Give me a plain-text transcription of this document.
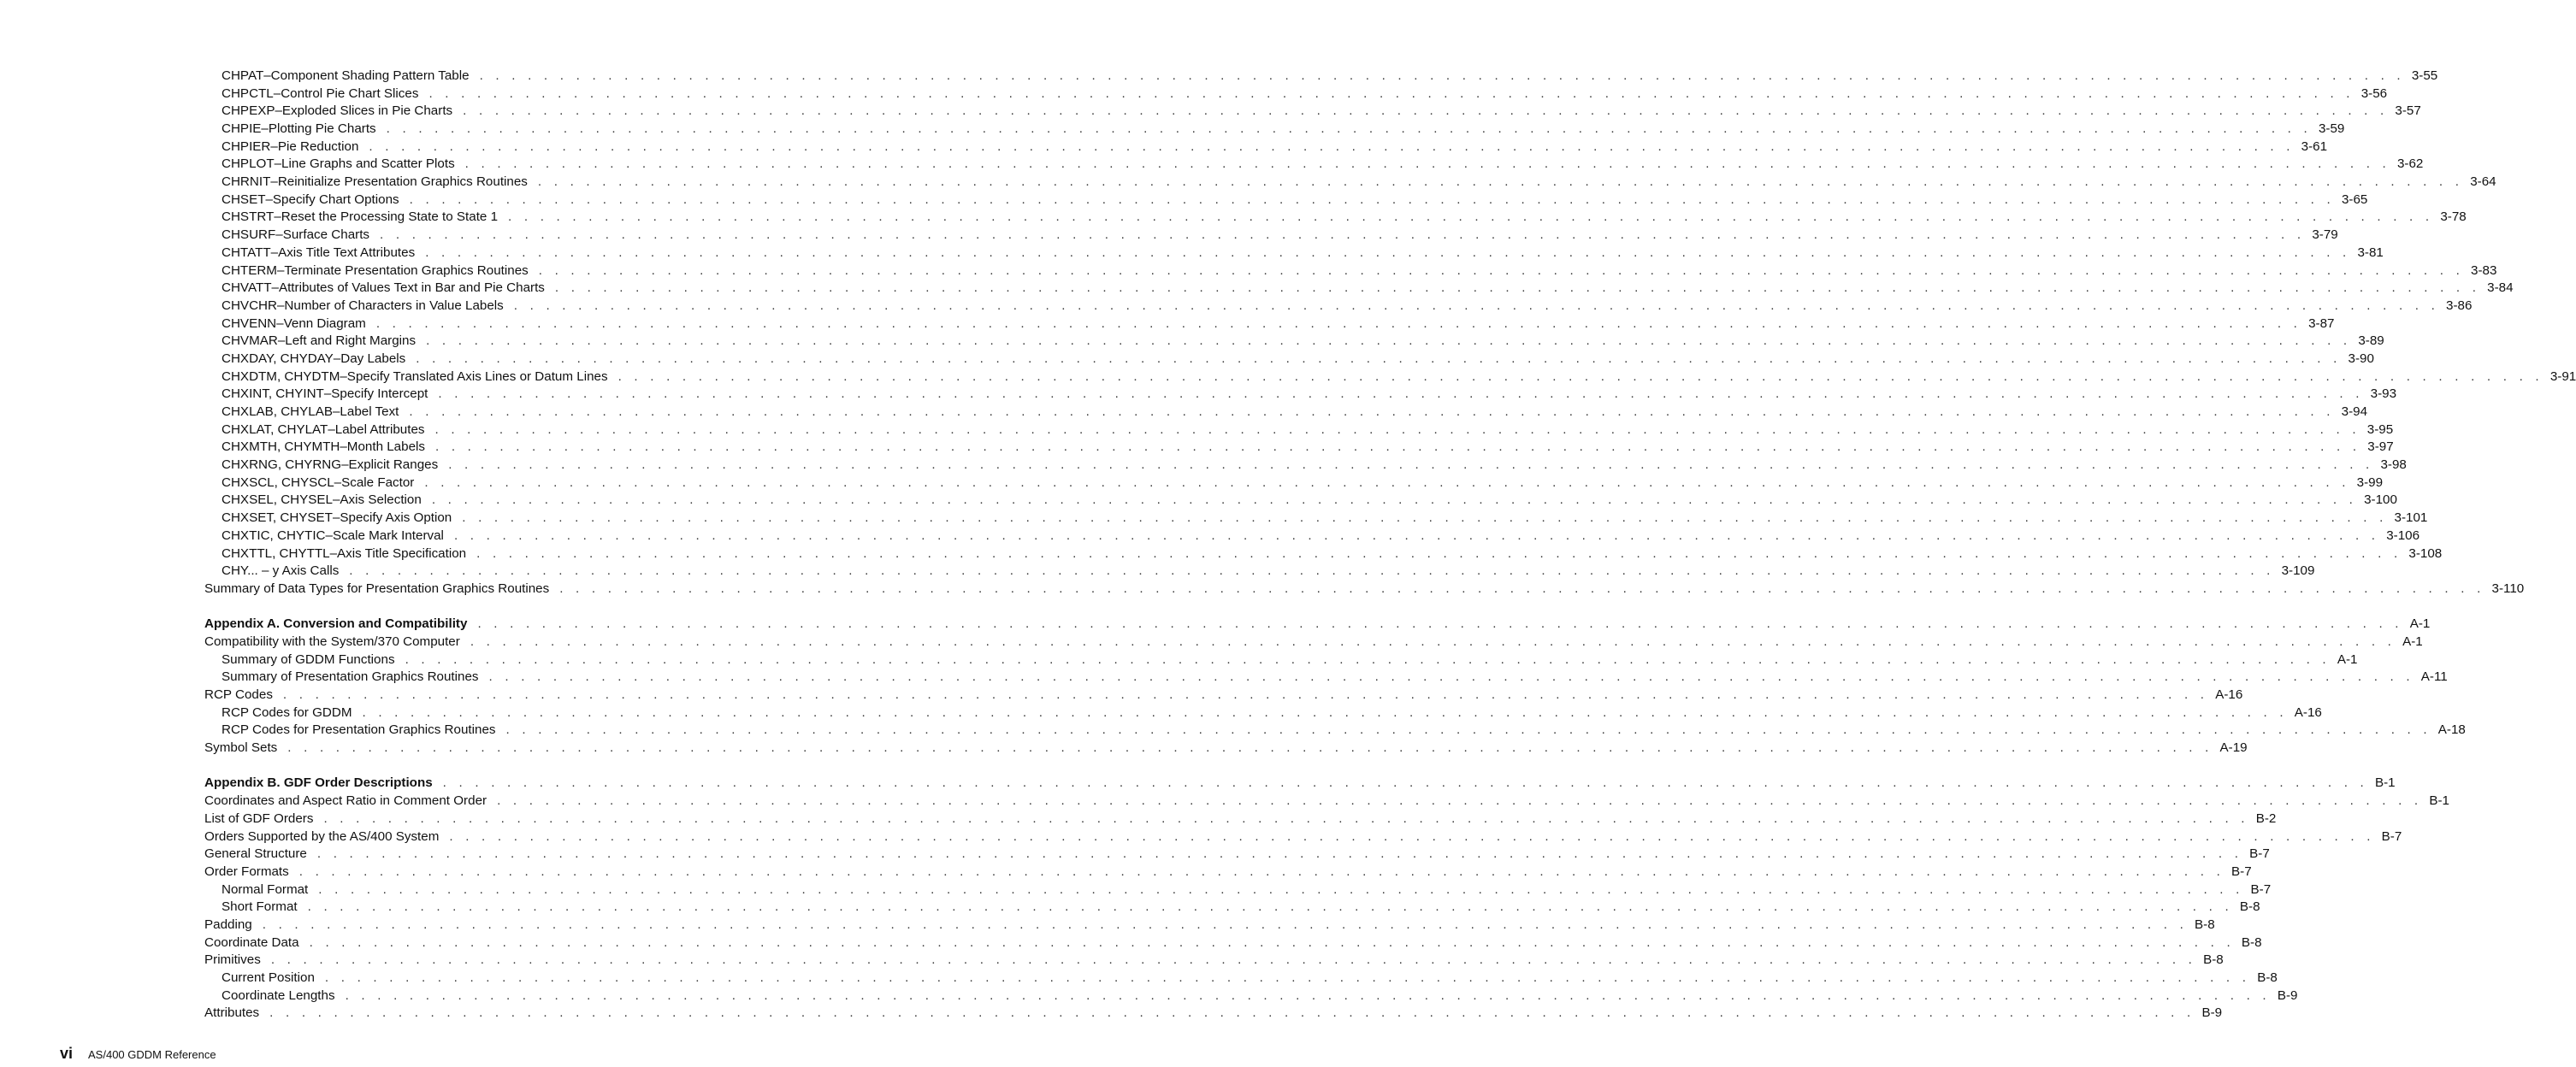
CHPAT–Component Shading Pattern Table . . . . . . . . . . . . . . . . . . . . . . . . . . . . . . . . . . . . . . . . . . . . . . . . . . . . . . . . . . . . . . . . . . . . . . . . . . . . . . . . . . . . . . . . . . . . . . . . . . . . . . . . . . . . . . . . . . . . . . . . 3-55
CHPCTL–Control Pie Chart Slices . . . . . . . . . . . . . . . . . . . . . . . . . . . . . . . . . . . . . . . . . . . . . . . . . . . . . . . . . . . . . . . . . . . . . . . . . . . . . . . . . . . . . . . . . . . . . . . . . . . . . . . . . . . . . . . . . . . . . . . . 3-56
CHPEXP–Exploded Slices in Pie Charts . . . . . . . . . . . . . . . . . . . . . . . . . . . . . . . . . . . . . . . . . . . . . . . . . . . . . . . . . . . . . . . . . . . . . . . . . . . . . . . . . . . . . . . . . . . . . . . . . . . . . . . . . . . . . . . . . . . . . . . . 3-57
CHPIE–Plotting Pie Charts . . . . . . . . . . . . . . . . . . . . . . . . . . . . . . . . . . . . . . . . . . . . . . . . . . . . . . . . . . . . . . . . . . . . . . . . . . . . . . . . . . . . . . . . . . . . . . . . . . . . . . . . . . . . . . . . . . . . . . . . 3-59
CHPIER–Pie Reduction . . . . . . . . . . . . . . . . . . . . . . . . . . . . . . . . . . . . . . . . . . . . . . . . . . . . . . . . . . . . . . . . . . . . . . . . . . . . . . . . . . . . . . . . . . . . . . . . . . . . . . . . . . . . . . . . . . . . . . . . 3-61
CHPLOT–Line Graphs and Scatter Plots . . . . . . . . . . . . . . . . . . . . . . . . . . . . . . . . . . . . . . . . . . . . . . . . . . . . . . . . . . . . . . . . . . . . . . . . . . . . . . . . . . . . . . . . . . . . . . . . . . . . . . . . . . . . . . . . . . . . . . . . 3-62
CHRNIT–Reinitialize Presentation Graphics Routines . . . . . . . . . . . . . . . . . . . . . . . . . . . . . . . . . . . . . . . . . . . . . . . . . . . . . . . . . . . . . . . . . . . . . . . . . . . . . . . . . . . . . . . . . . . . . . . . . . . . . . . . . . . . . . . . . . . . . . . . 3-64
CHSET–Specify Chart Options . . . . . . . . . . . . . . . . . . . . . . . . . . . . . . . . . . . . . . . . . . . . . . . . . . . . . . . . . . . . . . . . . . . . . . . . . . . . . . . . . . . . . . . . . . . . . . . . . . . . . . . . . . . . . . . . . . . . . . . . 3-65
CHSTRT–Reset the Processing State to State 1 . . . . . . . . . . . . . . . . . . . . . . . . . . . . . . . . . . . . . . . . . . . . . . . . . . . . . . . . . . . . . . . . . . . . . . . . . . . . . . . . . . . . . . . . . . . . . . . . . . . . . . . . . . . . . . . . . . . . . . . . 3-78
CHSURF–Surface Charts . . . . . . . . . . . . . . . . . . . . . . . . . . . . . . . . . . . . . . . . . . . . . . . . . . . . . . . . . . . . . . . . . . . . . . . . . . . . . . . . . . . . . . . . . . . . . . . . . . . . . . . . . . . . . . . . . . . . . . . . 3-79
CHTATT–Axis Title Text Attributes . . . . . . . . . . . . . . . . . . . . . . . . . . . . . . . . . . . . . . . . . . . . . . . . . . . . . . . . . . . . . . . . . . . . . . . . . . . . . . . . . . . . . . . . . . . . . . . . . . . . . . . . . . . . . . . . . . . . . . . . 3-81
CHTERM–Terminate Presentation Graphics Routines . . . . . . . . . . . . . . . . . . . . . . . . . . . . . . . . . . . . . . . . . . . . . . . . . . . . . . . . . . . . . . . . . . . . . . . . . . . . . . . . . . . . . . . . . . . . . . . . . . . . . . . . . . . . . . . . . . . . . . . . 3-83
CHVATT–Attributes of Values Text in Bar and Pie Charts . . . . . . . . . . . . . . . . . . . . . . . . . . . . . . . . . . . . . . . . . . . . . . . . . . . . . . . . . . . . . . . . . . . . . . . . . . . . . . . . . . . . . . . . . . . . . . . . . . . . . . . . . . . . . . . . . . . . . . . . 3-84
CHVCHR–Number of Characters in Value Labels . . . . . . . . . . . . . . . . . . . . . . . . . . . . . . . . . . . . . . . . . . . . . . . . . . . . . . . . . . . . . . . . . . . . . . . . . . . . . . . . . . . . . . . . . . . . . . . . . . . . . . . . . . . . . . . . . . . . . . . . 3-86
CHVENN–Venn Diagram . . . . . . . . . . . . . . . . . . . . . . . . . . . . . . . . . . . . . . . . . . . . . . . . . . . . . . . . . . . . . . . . . . . . . . . . . . . . . . . . . . . . . . . . . . . . . . . . . . . . . . . . . . . . . . . . . . . . . . . . 3-87
CHVMAR–Left and Right Margins . . . . . . . . . . . . . . . . . . . . . . . . . . . . . . . . . . . . . . . . . . . . . . . . . . . . . . . . . . . . . . . . . . . . . . . . . . . . . . . . . . . . . . . . . . . . . . . . . . . . . . . . . . . . . . . . . . . . . . . . 3-89
CHXDAY, CHYDAY–Day Labels . . . . . . . . . . . . . . . . . . . . . . . . . . . . . . . . . . . . . . . . . . . . . . . . . . . . . . . . . . . . . . . . . . . . . . . . . . . . . . . . . . . . . . . . . . . . . . . . . . . . . . . . . . . . . . . . . . . . . . . . 3-90
CHXDTM, CHYDTM–Specify Translated Axis Lines or Datum Lines . . . . . . . . . . . . . . . . . . . . . . . . . . . . . . . . . . . . . . . . . . . . . . . . . . . . . . . . . . . . . . . . . . . . . . . . . . . . . . . . . . . . . . . . . . . . . . . . . . . . . . . . . . . . . . . . . . . . . . . . 3-91
CHXINT, CHYINT–Specify Intercept . . . . . . . . . . . . . . . . . . . . . . . . . . . . . . . . . . . . . . . . . . . . . . . . . . . . . . . . . . . . . . . . . . . . . . . . . . . . . . . . . . . . . . . . . . . . . . . . . . . . . . . . . . . . . . . . . . . . . . . . 3-93
CHXLAB, CHYLAB–Label Text . . . . . . . . . . . . . . . . . . . . . . . . . . . . . . . . . . . . . . . . . . . . . . . . . . . . . . . . . . . . . . . . . . . . . . . . . . . . . . . . . . . . . . . . . . . . . . . . . . . . . . . . . . . . . . . . . . . . . . . . 3-94
CHXLAT, CHYLAT–Label Attributes . . . . . . . . . . . . . . . . . . . . . . . . . . . . . . . . . . . . . . . . . . . . . . . . . . . . . . . . . . . . . . . . . . . . . . . . . . . . . . . . . . . . . . . . . . . . . . . . . . . . . . . . . . . . . . . . . . . . . . . . 3-95
CHXMTH, CHYMTH–Month Labels . . . . . . . . . . . . . . . . . . . . . . . . . . . . . . . . . . . . . . . . . . . . . . . . . . . . . . . . . . . . . . . . . . . . . . . . . . . . . . . . . . . . . . . . . . . . . . . . . . . . . . . . . . . . . . . . . . . . . . . . 3-97
CHXRNG, CHYRNG–Explicit Ranges . . . . . . . . . . . . . . . . . . . . . . . . . . . . . . . . . . . . . . . . . . . . . . . . . . . . . . . . . . . . . . . . . . . . . . . . . . . . . . . . . . . . . . . . . . . . . . . . . . . . . . . . . . . . . . . . . . . . . . . . 3-98
CHXSCL, CHYSCL–Scale Factor . . . . . . . . . . . . . . . . . . . . . . . . . . . . . . . . . . . . . . . . . . . . . . . . . . . . . . . . . . . . . . . . . . . . . . . . . . . . . . . . . . . . . . . . . . . . . . . . . . . . . . . . . . . . . . . . . . . . . . . . 3-99
CHXSEL, CHYSEL–Axis Selection . . . . . . . . . . . . . . . . . . . . . . . . . . . . . . . . . . . . . . . . . . . . . . . . . . . . . . . . . . . . . . . . . . . . . . . . . . . . . . . . . . . . . . . . . . . . . . . . . . . . . . . . . . . . . . . . . . . . . . . . 3-100
CHXSET, CHYSET–Specify Axis Option . . . . . . . . . . . . . . . . . . . . . . . . . . . . . . . . . . . . . . . . . . . . . . . . . . . . . . . . . . . . . . . . . . . . . . . . . . . . . . . . . . . . . . . . . . . . . . . . . . . . . . . . . . . . . . . . . . . . . . . . 3-101
CHXTIC, CHYTIC–Scale Mark Interval . . . . . . . . . . . . . . . . . . . . . . . . . . . . . . . . . . . . . . . . . . . . . . . . . . . . . . . . . . . . . . . . . . . . . . . . . . . . . . . . . . . . . . . . . . . . . . . . . . . . . . . . . . . . . . . . . . . . . . . . 3-106
CHXTTL, CHYTTL–Axis Title Specification . . . . . . . . . . . . . . . . . . . . . . . . . . . . . . . . . . . . . . . . . . . . . . . . . . . . . . . . . . . . . . . . . . . . . . . . . . . . . . . . . . . . . . . . . . . . . . . . . . . . . . . . . . . . . . . . . . . . . . . . 3-108
CHY... – y Axis Calls . . . . . . . . . . . . . . . . . . . . . . . . . . . . . . . . . . . . . . . . . . . . . . . . . . . . . . . . . . . . . . . . . . . . . . . . . . . . . . . . . . . . . . . . . . . . . . . . . . . . . . . . . . . . . . . . . . . . . . . . 3-109
Summary of Data Types for Presentation Graphics Routines . . . . . . . . . . . . . . . . . . . . . . . . . . . . . . . . . . . . . . . . . . . . . . . . . . . . . . . . . . . . . . . . . . . . . . . . . . . . . . . . . . . . . . . . . . . . . . . . . . . . . . . . . . . . . . . . . . . . . . . . 3-110
Appendix A. Conversion and Compatibility . . . . . . . . . . . . . . . . . . . . . . . . . . . . . . . . . . . . . . . . . . . . . . . . . . . . . . . . . . . . . . . . . . . . . . . . . . . . . . . . . . . . . . . . . . . . . . . . . . . . . . . . . . . . . . . . . . . . . . . . A-1
Compatibility with the System/370 Computer . . . . . . . . . . . . . . . . . . . . . . . . . . . . . . . . . . . . . . . . . . . . . . . . . . . . . . . . . . . . . . . . . . . . . . . . . . . . . . . . . . . . . . . . . . . . . . . . . . . . . . . . . . . . . . . . . . . . . . . . A-1
Summary of GDDM Functions . . . . . . . . . . . . . . . . . . . . . . . . . . . . . . . . . . . . . . . . . . . . . . . . . . . . . . . . . . . . . . . . . . . . . . . . . . . . . . . . . . . . . . . . . . . . . . . . . . . . . . . . . . . . . . . . . . . . . . . . A-1
Summary of Presentation Graphics Routines . . . . . . . . . . . . . . . . . . . . . . . . . . . . . . . . . . . . . . . . . . . . . . . . . . . . . . . . . . . . . . . . . . . . . . . . . . . . . . . . . . . . . . . . . . . . . . . . . . . . . . . . . . . . . . . . . . . . . . . . A-11
RCP Codes . . . . . . . . . . . . . . . . . . . . . . . . . . . . . . . . . . . . . . . . . . . . . . . . . . . . . . . . . . . . . . . . . . . . . . . . . . . . . . . . . . . . . . . . . . . . . . . . . . . . . . . . . . . . . . . . . . . . . . . . A-16
RCP Codes for GDDM . . . . . . . . . . . . . . . . . . . . . . . . . . . . . . . . . . . . . . . . . . . . . . . . . . . . . . . . . . . . . . . . . . . . . . . . . . . . . . . . . . . . . . . . . . . . . . . . . . . . . . . . . . . . . . . . . . . . . . . . A-16
RCP Codes for Presentation Graphics Routines . . . . . . . . . . . . . . . . . . . . . . . . . . . . . . . . . . . . . . . . . . . . . . . . . . . . . . . . . . . . . . . . . . . . . . . . . . . . . . . . . . . . . . . . . . . . . . . . . . . . . . . . . . . . . . . . . . . . . . . . A-18
Symbol Sets . . . . . . . . . . . . . . . . . . . . . . . . . . . . . . . . . . . . . . . . . . . . . . . . . . . . . . . . . . . . . . . . . . . . . . . . . . . . . . . . . . . . . . . . . . . . . . . . . . . . . . . . . . . . . . . . . . . . . . . . A-19
Appendix B. GDF Order Descriptions . . . . . . . . . . . . . . . . . . . . . . . . . . . . . . . . . . . . . . . . . . . . . . . . . . . . . . . . . . . . . . . . . . . . . . . . . . . . . . . . . . . . . . . . . . . . . . . . . . . . . . . . . . . . . . . . . . . . . . . . B-1
Coordinates and Aspect Ratio in Comment Order . . . . . . . . . . . . . . . . . . . . . . . . . . . . . . . . . . . . . . . . . . . . . . . . . . . . . . . . . . . . . . . . . . . . . . . . . . . . . . . . . . . . . . . . . . . . . . . . . . . . . . . . . . . . . . . . . . . . . . . . B-1
List of GDF Orders . . . . . . . . . . . . . . . . . . . . . . . . . . . . . . . . . . . . . . . . . . . . . . . . . . . . . . . . . . . . . . . . . . . . . . . . . . . . . . . . . . . . . . . . . . . . . . . . . . . . . . . . . . . . . . . . . . . . . . . . B-2
Orders Supported by the AS/400 System . . . . . . . . . . . . . . . . . . . . . . . . . . . . . . . . . . . . . . . . . . . . . . . . . . . . . . . . . . . . . . . . . . . . . . . . . . . . . . . . . . . . . . . . . . . . . . . . . . . . . . . . . . . . . . . . . . . . . . . . B-7
General Structure . . . . . . . . . . . . . . . . . . . . . . . . . . . . . . . . . . . . . . . . . . . . . . . . . . . . . . . . . . . . . . . . . . . . . . . . . . . . . . . . . . . . . . . . . . . . . . . . . . . . . . . . . . . . . . . . . . . . . . . . B-7
Order Formats . . . . . . . . . . . . . . . . . . . . . . . . . . . . . . . . . . . . . . . . . . . . . . . . . . . . . . . . . . . . . . . . . . . . . . . . . . . . . . . . . . . . . . . . . . . . . . . . . . . . . . . . . . . . . . . . . . . . . . . . B-7
Normal Format . . . . . . . . . . . . . . . . . . . . . . . . . . . . . . . . . . . . . . . . . . . . . . . . . . . . . . . . . . . . . . . . . . . . . . . . . . . . . . . . . . . . . . . . . . . . . . . . . . . . . . . . . . . . . . . . . . . . . . . . B-7
Short Format . . . . . . . . . . . . . . . . . . . . . . . . . . . . . . . . . . . . . . . . . . . . . . . . . . . . . . . . . . . . . . . . . . . . . . . . . . . . . . . . . . . . . . . . . . . . . . . . . . . . . . . . . . . . . . . . . . . . . . . . B-8
Padding . . . . . . . . . . . . . . . . . . . . . . . . . . . . . . . . . . . . . . . . . . . . . . . . . . . . . . . . . . . . . . . . . . . . . . . . . . . . . . . . . . . . . . . . . . . . . . . . . . . . . . . . . . . . . . . . . . . . . . . . B-8
Coordinate Data . . . . . . . . . . . . . . . . . . . . . . . . . . . . . . . . . . . . . . . . . . . . . . . . . . . . . . . . . . . . . . . . . . . . . . . . . . . . . . . . . . . . . . . . . . . . . . . . . . . . . . . . . . . . . . . . . . . . . . . . B-8
Primitives . . . . . . . . . . . . . . . . . . . . . . . . . . . . . . . . . . . . . . . . . . . . . . . . . . . . . . . . . . . . . . . . . . . . . . . . . . . . . . . . . . . . . . . . . . . . . . . . . . . . . . . . . . . . . . . . . . . . . . . . B-8
Current Position . . . . . . . . . . . . . . . . . . . . . . . . . . . . . . . . . . . . . . . . . . . . . . . . . . . . . . . . . . . . . . . . . . . . . . . . . . . . . . . . . . . . . . . . . . . . . . . . . . . . . . . . . . . . . . . . . . . . . . . . B-8
Coordinate Lengths . . . . . . . . . . . . . . . . . . . . . . . . . . . . . . . . . . . . . . . . . . . . . . . . . . . . . . . . . . . . . . . . . . . . . . . . . . . . . . . . . . . . . . . . . . . . . . . . . . . . . . . . . . . . . . . . . . . . . . . . B-9
Attributes . . . . . . . . . . . . . . . . . . . . . . . . . . . . . . . . . . . . . . . . . . . . . . . . . . . . . . . . . . . . . . . . . . . . . . . . . . . . . . . . . . . . . . . . . . . . . . . . . . . . . . . . . . . . . . . . . . . . . . . . B-9
vi AS/400 GDDM Reference
